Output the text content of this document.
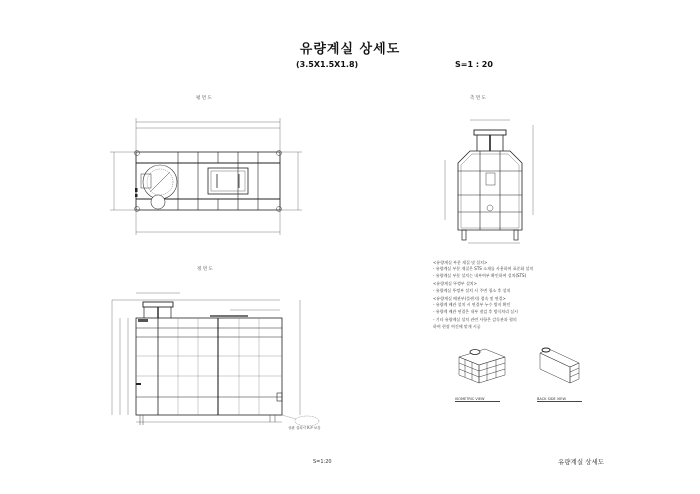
유량계실 상세도
(3.5X1.5X1.8)	S=1 : 20
평 면 도	측 면 도
정 면 도
상판 설치시 R.P 보강
<유량계실 부분 재질 및 설치>
- 유량계실 부분 재질은 STS 소재를 사용하며 표준화 설치
- 유량계실 부분 설치는 내부여부 확인하여 설치(STS)
<유량계실 뚜껑부 설치>
- 유량계실 뚜껑부 설치 시 주변 청소 후 설치
<유량계실 배관부(플랜지) 접속 및 연결>
- 유량계 배관 설치 시 연결부 누수 방지 확인
- 유량계 배관 연결은 내부 점검 후 방식처리 실시
- 기타 유량계실 설치 관련 사항은 감독관과 협의
하여 현장 여건에 맞게 시공
ISOMETRIC VIEW	BACK SIDE VIEW
S=1:20	유량계실 상세도
